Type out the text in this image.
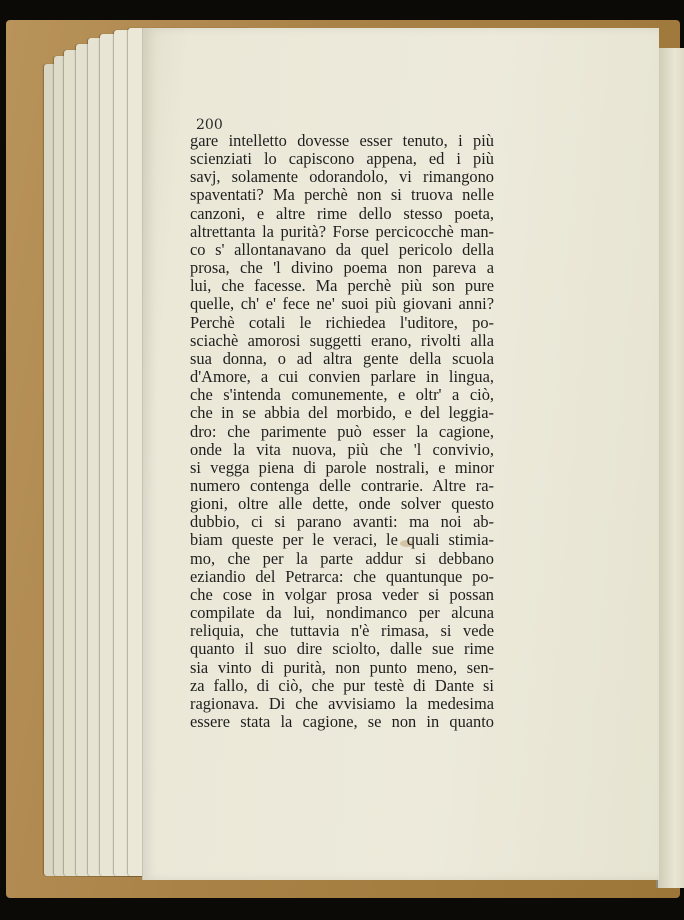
200
gare intelletto dovesse esser tenuto, i più
scienziati lo capiscono appena, ed i più
savj, solamente odorandolo, vi rimangono
spaventati? Ma perchè non si truova nelle
canzoni, e altre rime dello stesso poeta,
altrettanta la purità? Forse percicocchè man-
co s' allontanavano da quel pericolo della
prosa, che 'l divino poema non pareva a
lui, che facesse. Ma perchè più son pure
quelle, ch' e' fece ne' suoi più giovani anni?
Perchè cotali le richiedea l'uditore, po-
sciachè amorosi suggetti erano, rivolti alla
sua donna, o ad altra gente della scuola
d'Amore, a cui convien parlare in lingua,
che s'intenda comunemente, e oltr' a ciò,
che in se abbia del morbido, e del leggia-
dro: che parimente può esser la cagione,
onde la vita nuova, più che 'l convivio,
si vegga piena di parole nostrali, e minor
numero contenga delle contrarie. Altre ra-
gioni, oltre alle dette, onde solver questo
dubbio, ci si parano avanti: ma noi ab-
biam queste per le veraci, le quali stimia-
mo, che per la parte addur si debbano
eziandio del Petrarca: che quantunque po-
che cose in volgar prosa veder si possan
compilate da lui, nondimanco per alcuna
reliquia, che tuttavia n'è rimasa, si vede
quanto il suo dire sciolto, dalle sue rime
sia vinto di purità, non punto meno, sen-
za fallo, di ciò, che pur testè di Dante si
ragionava. Di che avvisiamo la medesima
essere stata la cagione, se non in quanto
